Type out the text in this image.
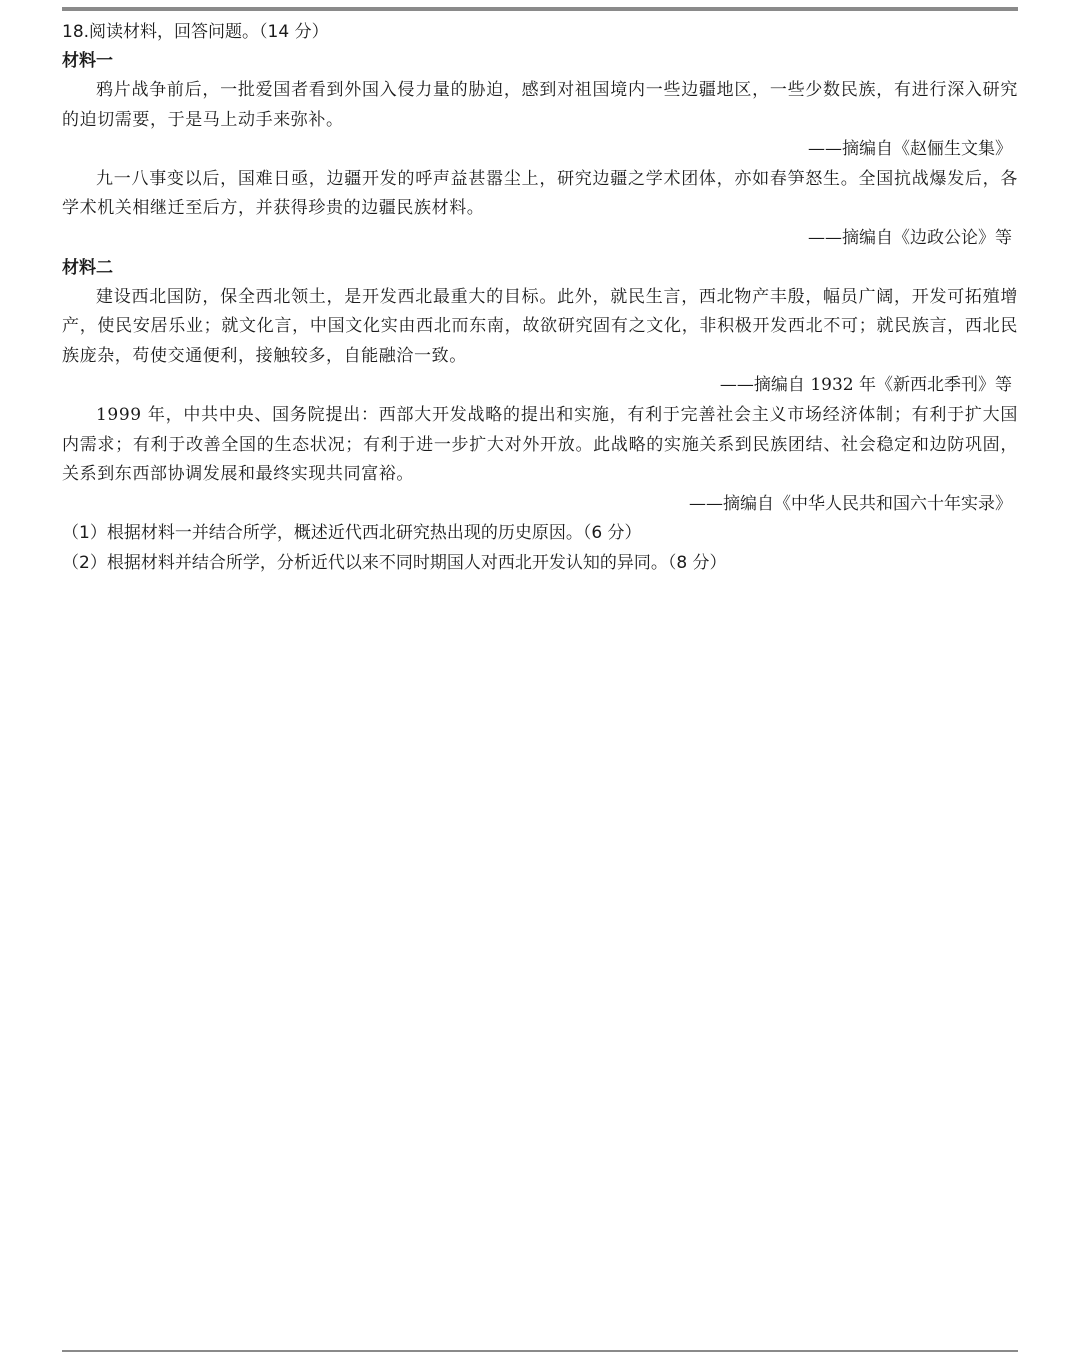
18.阅读材料，回答问题。（14 分）
材料一
鸦片战争前后，一批爱国者看到外国入侵力量的胁迫，感到对祖国境内一些边疆地区，一些少数民族，有进行深入研究的迫切需要，于是马上动手来弥补。
——摘编自《赵俪生文集》
九一八事变以后，国难日亟，边疆开发的呼声益甚嚣尘上，研究边疆之学术团体，亦如春笋怒生。全国抗战爆发后，各学术机关相继迁至后方，并获得珍贵的边疆民族材料。
——摘编自《边政公论》等
材料二
建设西北国防，保全西北领土，是开发西北最重大的目标。此外，就民生言，西北物产丰殷，幅员广阔，开发可拓殖增产，使民安居乐业；就文化言，中国文化实由西北而东南，故欲研究固有之文化，非积极开发西北不可；就民族言，西北民族庞杂，苟使交通便利，接触较多，自能融洽一致。
——摘编自 1932 年《新西北季刊》等
1999 年，中共中央、国务院提出：西部大开发战略的提出和实施，有利于完善社会主义市场经济体制；有利于扩大国内需求；有利于改善全国的生态状况；有利于进一步扩大对外开放。此战略的实施关系到民族团结、社会稳定和边防巩固，关系到东西部协调发展和最终实现共同富裕。
——摘编自《中华人民共和国六十年实录》
（1）根据材料一并结合所学，概述近代西北研究热出现的历史原因。（6 分）
（2）根据材料并结合所学，分析近代以来不同时期国人对西北开发认知的异同。（8 分）
